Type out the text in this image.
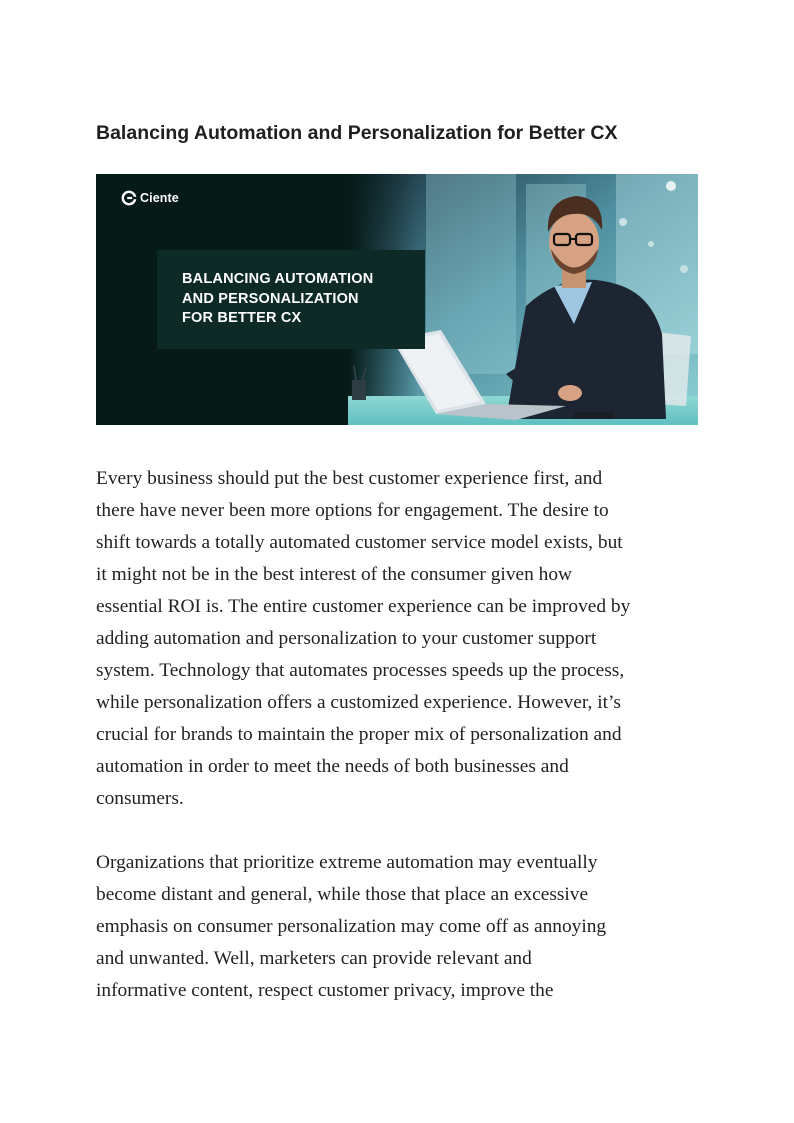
Balancing Automation and Personalization for Better CX
Ciente
BALANCING AUTOMATION
AND PERSONALIZATION
FOR BETTER CX

Every business should put the best customer experience first, and
there have never been more options for engagement. The desire to
shift towards a totally automated customer service model exists, but
it might not be in the best interest of the consumer given how
essential ROI is. The entire customer experience can be improved by
adding automation and personalization to your customer support
system. Technology that automates processes speeds up the process,
while personalization offers a customized experience. However, it’s
crucial for brands to maintain the proper mix of personalization and
automation in order to meet the needs of both businesses and
consumers.

Organizations that prioritize extreme automation may eventually
become distant and general, while those that place an excessive
emphasis on consumer personalization may come off as annoying
and unwanted. Well, marketers can provide relevant and
informative content, respect customer privacy, improve the
